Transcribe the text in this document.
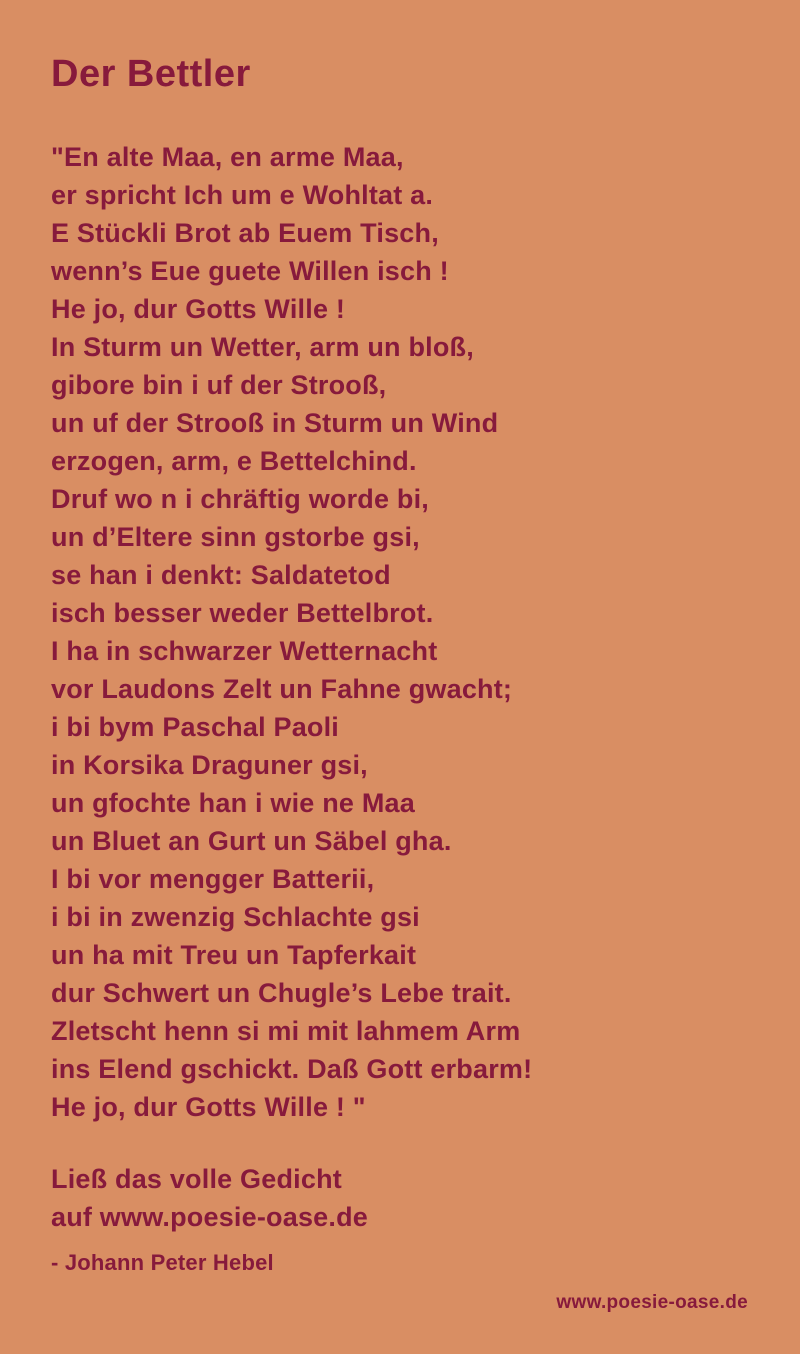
Der Bettler

"En alte Maa, en arme Maa,

er spricht Ich um e Wohltat a.

E Stückli Brot ab Euem Tisch,

wenn’s Eue guete Willen isch !

He jo, dur Gotts Wille !

In Sturm un Wetter, arm un bloß,

gibore bin i uf der Strooß,

un uf der Strooß in Sturm un Wind

erzogen, arm, e Bettelchind.

Druf wo n i chräftig worde bi,

un d’Eltere sinn gstorbe gsi,

se han i denkt: Saldatetod

isch besser weder Bettelbrot.

I ha in schwarzer Wetternacht

vor Laudons Zelt un Fahne gwacht;

i bi bym Paschal Paoli

in Korsika Draguner gsi,

un gfochte han i wie ne Maa

un Bluet an Gurt un Säbel gha.

I bi vor mengger Batterii,

i bi in zwenzig Schlachte gsi

un ha mit Treu un Tapferkait

dur Schwert un Chugle’s Lebe trait.

Zletscht henn si mi mit lahmem Arm

ins Elend gschickt. Daß Gott erbarm!

He jo, dur Gotts Wille ! "

Ließ das volle Gedicht

auf www.poesie-oase.de

- Johann Peter Hebel

www.poesie-oase.de
